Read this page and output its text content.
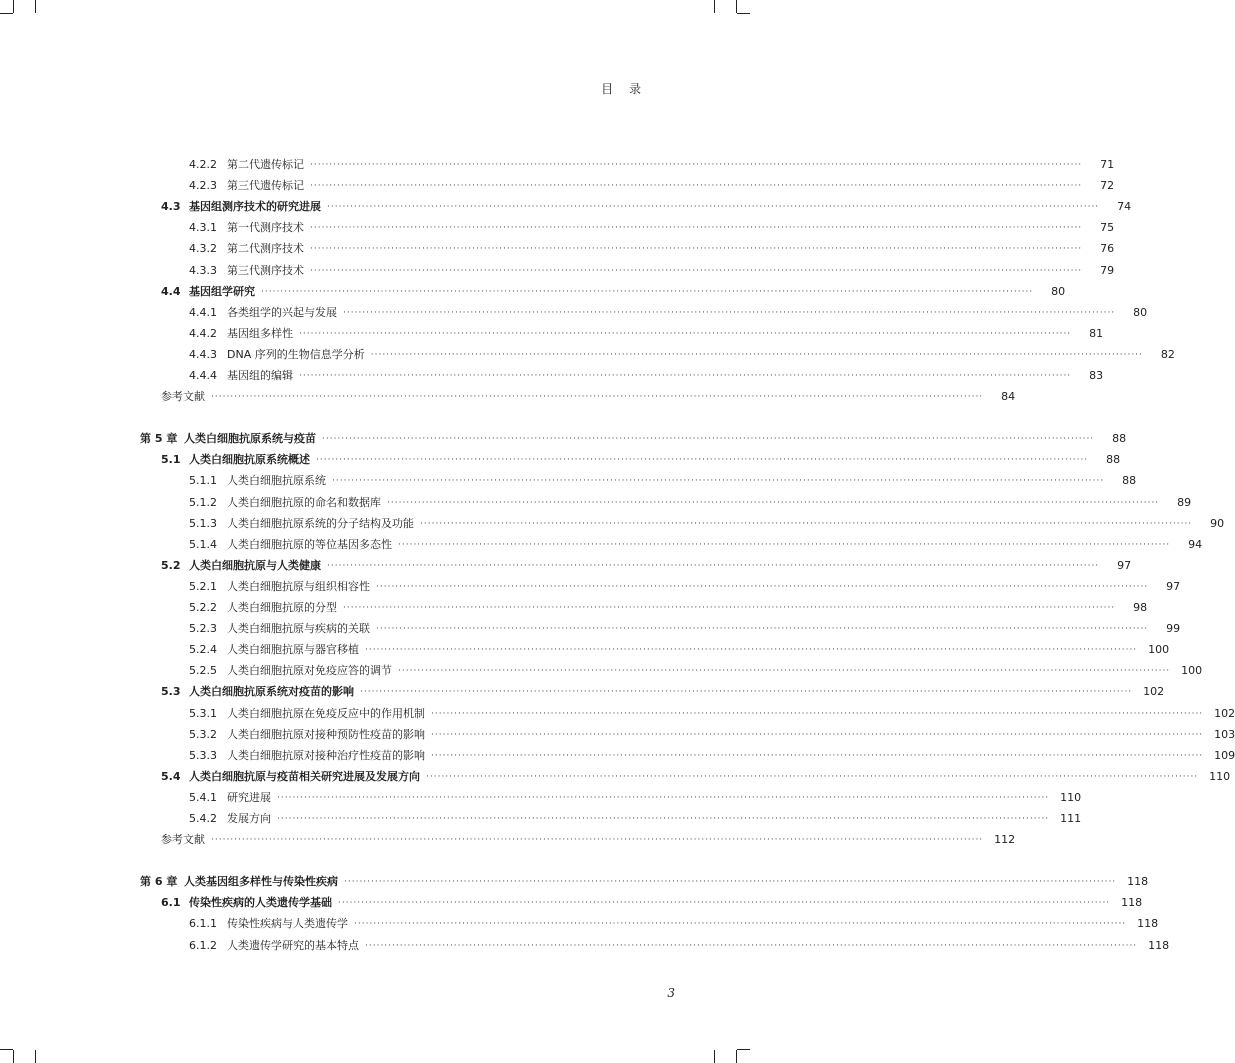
目 录
4.2.2 第二代遗传标记 ········································································································································································································	71
4.2.3 第三代遗传标记 ········································································································································································································	72
4.3 基因组测序技术的研究进展 ········································································································································································································	74
4.3.1 第一代测序技术 ········································································································································································································	75
4.3.2 第二代测序技术 ········································································································································································································	76
4.3.3 第三代测序技术 ········································································································································································································	79
4.4 基因组学研究 ········································································································································································································	80
4.4.1 各类组学的兴起与发展 ········································································································································································································	80
4.4.2 基因组多样性 ········································································································································································································	81
4.4.3 DNA 序列的生物信息学分析 ········································································································································································································	82
4.4.4 基因组的编辑 ········································································································································································································	83
参考文献 ········································································································································································································	84
第 5 章 人类白细胞抗原系统与疫苗 ········································································································································································································	88
5.1 人类白细胞抗原系统概述 ········································································································································································································	88
5.1.1 人类白细胞抗原系统 ········································································································································································································	88
5.1.2 人类白细胞抗原的命名和数据库 ········································································································································································································	89
5.1.3 人类白细胞抗原系统的分子结构及功能 ········································································································································································································	90
5.1.4 人类白细胞抗原的等位基因多态性 ········································································································································································································	94
5.2 人类白细胞抗原与人类健康 ········································································································································································································	97
5.2.1 人类白细胞抗原与组织相容性 ········································································································································································································	97
5.2.2 人类白细胞抗原的分型 ········································································································································································································	98
5.2.3 人类白细胞抗原与疾病的关联 ········································································································································································································	99
5.2.4 人类白细胞抗原与器官移植 ········································································································································································································	100
5.2.5 人类白细胞抗原对免疫应答的调节 ········································································································································································································	100
5.3 人类白细胞抗原系统对疫苗的影响 ········································································································································································································	102
5.3.1 人类白细胞抗原在免疫反应中的作用机制 ········································································································································································································	102
5.3.2 人类白细胞抗原对接种预防性疫苗的影响 ········································································································································································································	103
5.3.3 人类白细胞抗原对接种治疗性疫苗的影响 ········································································································································································································	109
5.4 人类白细胞抗原与疫苗相关研究进展及发展方向 ········································································································································································································	110
5.4.1 研究进展 ········································································································································································································	110
5.4.2 发展方向 ········································································································································································································	111
参考文献 ········································································································································································································	112
第 6 章 人类基因组多样性与传染性疾病 ········································································································································································································	118
6.1 传染性疾病的人类遗传学基础 ········································································································································································································	118
6.1.1 传染性疾病与人类遗传学 ········································································································································································································	118
6.1.2 人类遗传学研究的基本特点 ········································································································································································································	118
3
